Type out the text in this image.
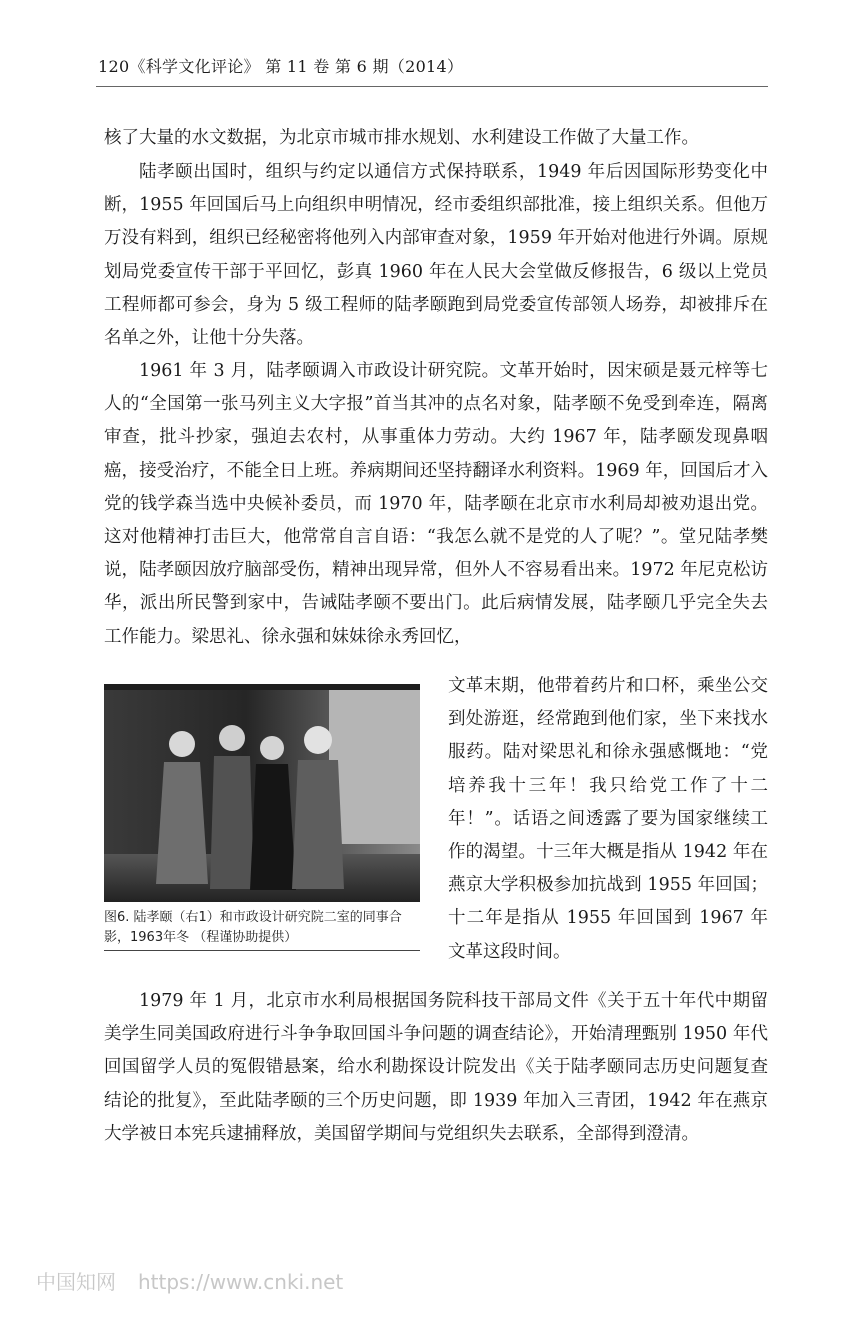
120《科学文化评论》 第 11 卷 第 6 期（2014）

核了大量的水文数据，为北京市城市排水规划、水利建设工作做了大量工作。

陆孝颐出国时，组织与约定以通信方式保持联系，1949 年后因国际形势变化中断，1955 年回国后马上向组织申明情况，经市委组织部批准，接上组织关系。但他万万没有料到，组织已经秘密将他列入内部审查对象，1959 年开始对他进行外调。原规划局党委宣传干部于平回忆，彭真 1960 年在人民大会堂做反修报告，6 级以上党员工程师都可参会，身为 5 级工程师的陆孝颐跑到局党委宣传部领人场券，却被排斥在名单之外，让他十分失落。

1961 年 3 月，陆孝颐调入市政设计研究院。文革开始时，因宋硕是聂元梓等七人的“全国第一张马列主义大字报”首当其冲的点名对象，陆孝颐不免受到牵连，隔离审查，批斗抄家，强迫去农村，从事重体力劳动。大约 1967 年，陆孝颐发现鼻咽癌，接受治疗，不能全日上班。养病期间还坚持翻译水利资料。1969 年，回国后才入党的钱学森当选中央候补委员，而 1970 年，陆孝颐在北京市水利局却被劝退出党。这对他精神打击巨大，他常常自言自语：“我怎么就不是党的人了呢？”。堂兄陆孝樊说，陆孝颐因放疗脑部受伤，精神出现异常，但外人不容易看出来。1972 年尼克松访华，派出所民警到家中，告诫陆孝颐不要出门。此后病情发展，陆孝颐几乎完全失去工作能力。梁思礼、徐永强和妹妹徐永秀回忆，

图6. 陆孝颐（右1）和市政设计研究院二室的同事合影，1963年冬 （程谨协助提供）

文革末期，他带着药片和口杯，乘坐公交到处游逛，经常跑到他们家，坐下来找水服药。陆对梁思礼和徐永强感慨地：“党培养我十三年！我只给党工作了十二年！”。话语之间透露了要为国家继续工作的渴望。十三年大概是指从 1942 年在燕京大学积极参加抗战到 1955 年回国；十二年是指从 1955 年回国到 1967 年文革这段时间。

1979 年 1 月，北京市水利局根据国务院科技干部局文件《关于五十年代中期留美学生同美国政府进行斗争争取回国斗争问题的调查结论》，开始清理甄别 1950 年代回国留学人员的冤假错悬案，给水利勘探设计院发出《关于陆孝颐同志历史问题复查结论的批复》，至此陆孝颐的三个历史问题，即 1939 年加入三青团，1942 年在燕京大学被日本宪兵逮捕释放，美国留学期间与党组织失去联系，全部得到澄清。

中国知网 https://www.cnki.net
